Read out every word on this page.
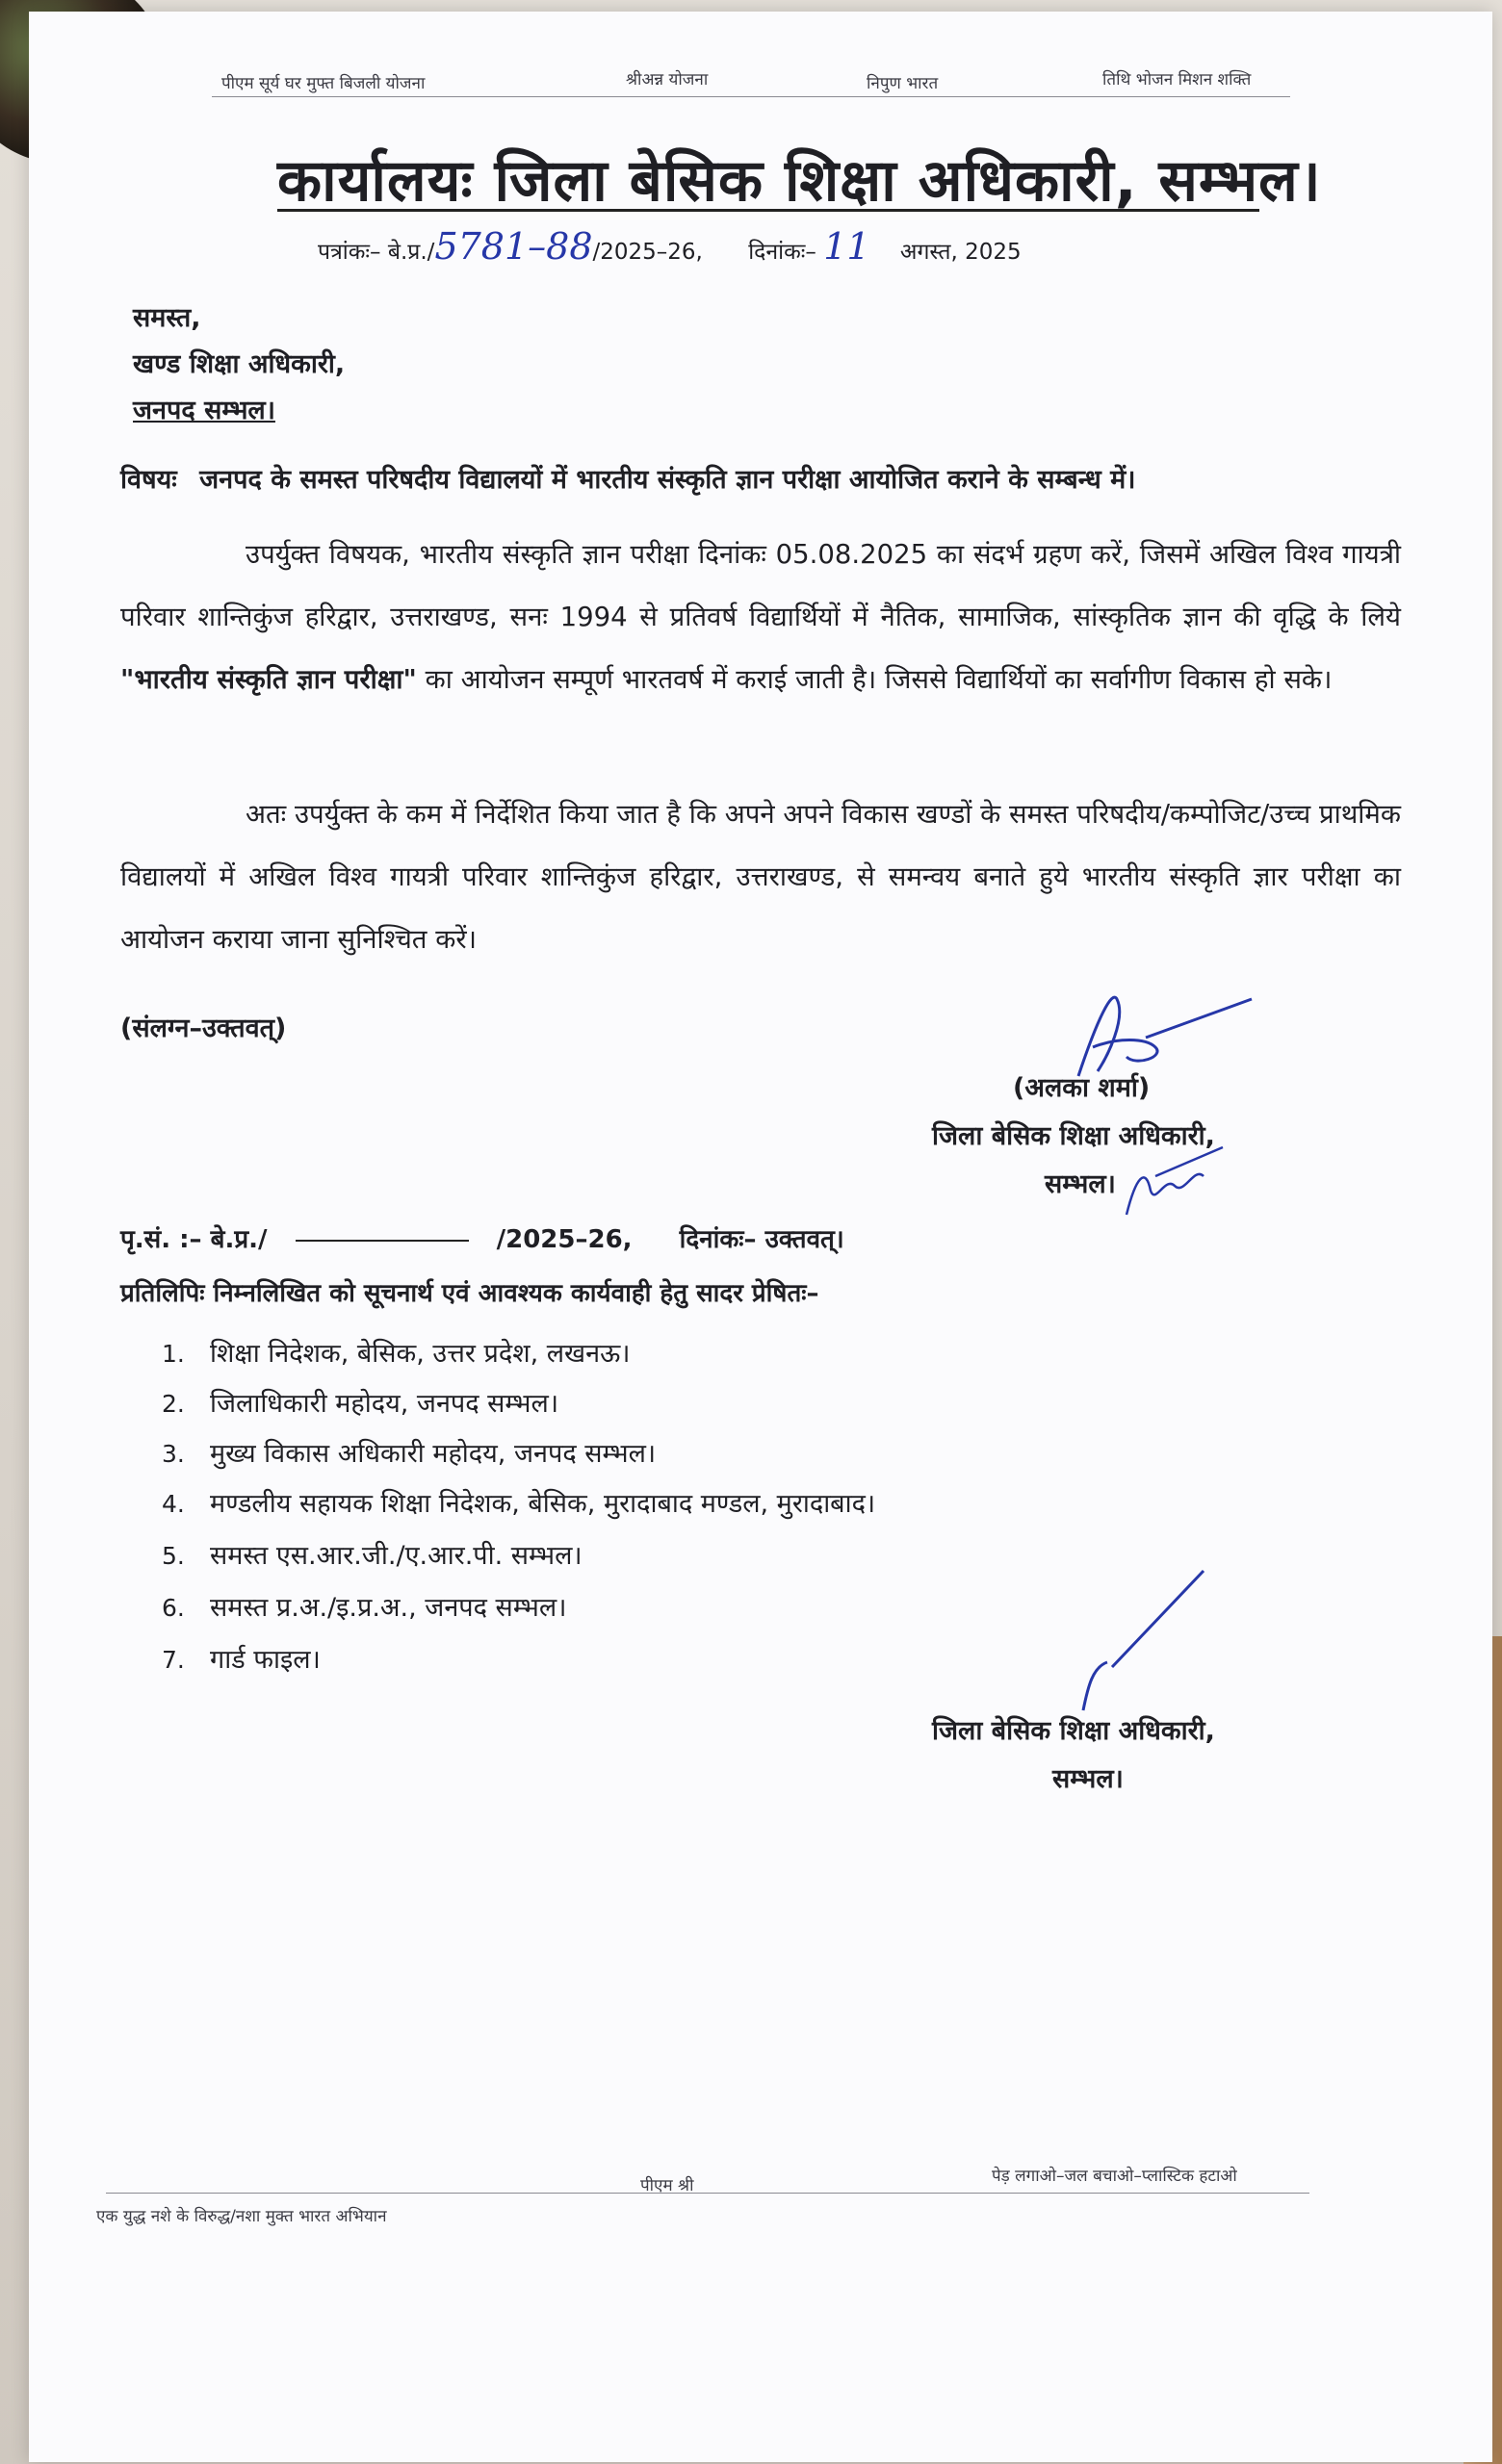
पीएम सूर्य घर मुफ्त बिजली योजना	श्रीअन्न योजना	निपुण भारत	तिथि भोजन मिशन शक्ति
कार्यालयः जिला बेसिक शिक्षा अधिकारी, सम्भल।
पत्रांकः– बे.प्र./5781–88/2025–26, दिनांकः– 11 अगस्त, 2025
समस्त,
खण्ड शिक्षा अधिकारी,
जनपद सम्भल।
विषयः जनपद के समस्त परिषदीय विद्यालयों में भारतीय संस्कृति ज्ञान परीक्षा आयोजित कराने के सम्बन्ध में।
उपर्युक्त विषयक, भारतीय संस्कृति ज्ञान परीक्षा दिनांकः 05.08.2025 का संदर्भ ग्रहण करें, जिसमें अखिल विश्व गायत्री परिवार शान्तिकुंज हरिद्वार, उत्तराखण्ड, सनः 1994 से प्रतिवर्ष विद्यार्थियों में नैतिक, सामाजिक, सांस्कृतिक ज्ञान की वृद्धि के लिये "भारतीय संस्कृति ज्ञान परीक्षा" का आयोजन सम्पूर्ण भारतवर्ष में कराई जाती है। जिससे विद्यार्थियों का सर्वागीण विकास हो सके।
अतः उपर्युक्त के कम में निर्देशित किया जात है कि अपने अपने विकास खण्डों के समस्त परिषदीय/कम्पोजिट/उच्च प्राथमिक विद्यालयों में अखिल विश्व गायत्री परिवार शान्तिकुंज हरिद्वार, उत्तराखण्ड, से समन्वय बनाते हुये भारतीय संस्कृति ज्ञार परीक्षा का आयोजन कराया जाना सुनिश्चित करें।
(संलग्न–उक्तवत्)
(अलका शर्मा)
जिला बेसिक शिक्षा अधिकारी,
सम्भल।
पृ.सं. :– बे.प्र./	/2025–26, दिनांकः– उक्तवत्।
प्रतिलिपिः निम्नलिखित को सूचनार्थ एवं आवश्यक कार्यवाही हेतु सादर प्रेषितः–
1. शिक्षा निदेशक, बेसिक, उत्तर प्रदेश, लखनऊ।
2. जिलाधिकारी महोदय, जनपद सम्भल।
3. मुख्य विकास अधिकारी महोदय, जनपद सम्भल।
4. मण्डलीय सहायक शिक्षा निदेशक, बेसिक, मुरादाबाद मण्डल, मुरादाबाद।
5. समस्त एस.आर.जी./ए.आर.पी. सम्भल।
6. समस्त प्र.अ./इ.प्र.अ., जनपद सम्भल।
7. गार्ड फाइल।
जिला बेसिक शिक्षा अधिकारी,
सम्भल।
एक युद्ध नशे के विरुद्ध/नशा मुक्त भारत अभियान
पीएम श्री	पेड़ लगाओ–जल बचाओ–प्लास्टिक हटाओ
